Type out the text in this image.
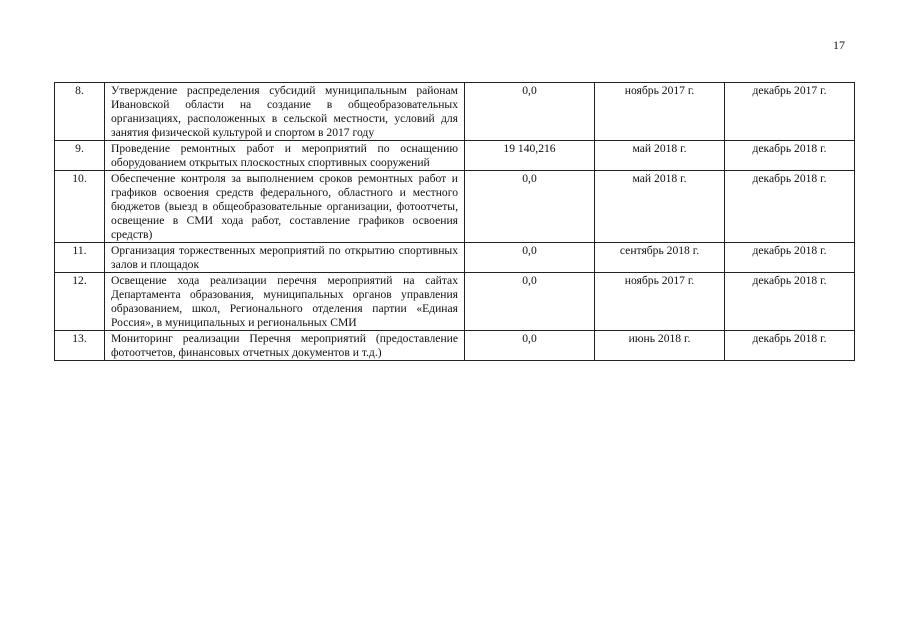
17
8.	Утверждение распределения субсидий муниципальным районам Ивановской области на создание в общеобразовательных организациях, расположенных в сельской местности, условий для занятия физической культурой и спортом в 2017 году	0,0	ноябрь 2017 г.	декабрь 2017 г.
9.	Проведение ремонтных работ и мероприятий по оснащению оборудованием открытых плоскостных спортивных сооружений	19 140,216	май 2018 г.	декабрь 2018 г.
10.	Обеспечение контроля за выполнением сроков ремонтных работ и графиков освоения средств федерального, областного и местного бюджетов (выезд в общеобразовательные организации, фотоотчеты, освещение в СМИ хода работ, составление графиков освоения средств)	0,0	май 2018 г.	декабрь 2018 г.
11.	Организация торжественных мероприятий по открытию спортивных залов и площадок	0,0	сентябрь 2018 г.	декабрь 2018 г.
12.	Освещение хода реализации перечня мероприятий на сайтах Департамента образования, муниципальных органов управления образованием, школ, Регионального отделения партии «Единая Россия», в муниципальных и региональных СМИ	0,0	ноябрь 2017 г.	декабрь 2018 г.
13.	Мониторинг реализации Перечня мероприятий (предоставление фотоотчетов, финансовых отчетных документов и т.д.)	0,0	июнь 2018 г.	декабрь 2018 г.
